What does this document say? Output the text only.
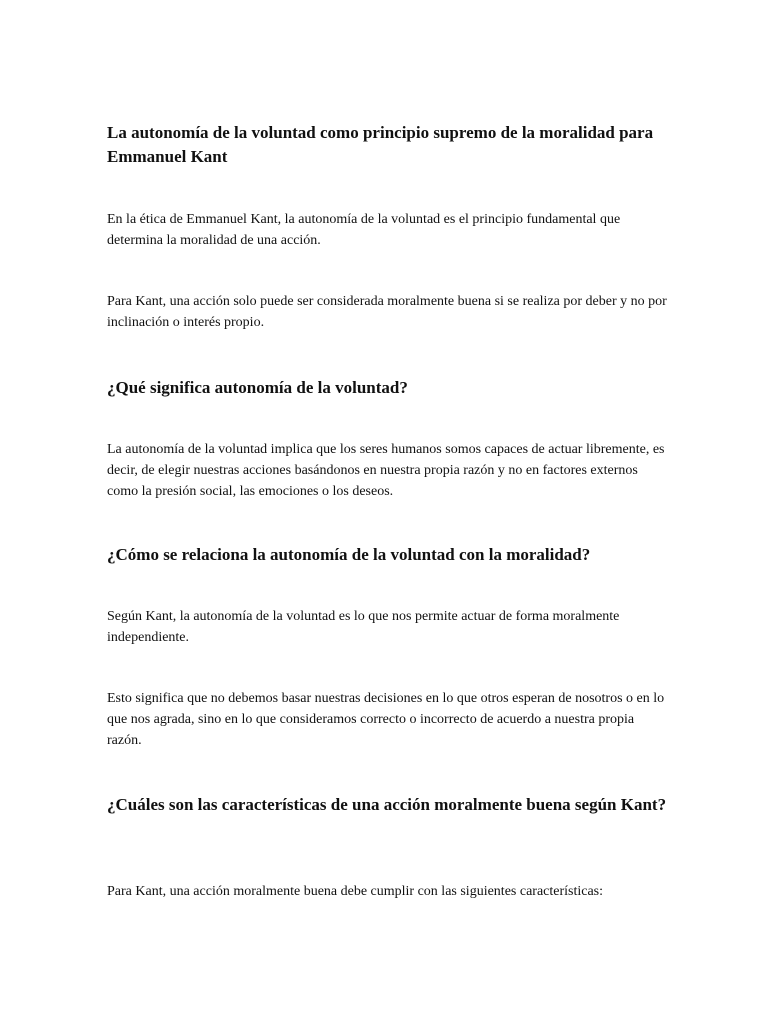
La autonomía de la voluntad como principio supremo de la moralidad para Emmanuel Kant

En la ética de Emmanuel Kant, la autonomía de la voluntad es el principio fundamental que determina la moralidad de una acción.

Para Kant, una acción solo puede ser considerada moralmente buena si se realiza por deber y no por inclinación o interés propio.

¿Qué significa autonomía de la voluntad?

La autonomía de la voluntad implica que los seres humanos somos capaces de actuar libremente, es decir, de elegir nuestras acciones basándonos en nuestra propia razón y no en factores externos como la presión social, las emociones o los deseos.

¿Cómo se relaciona la autonomía de la voluntad con la moralidad?

Según Kant, la autonomía de la voluntad es lo que nos permite actuar de forma moralmente independiente.

Esto significa que no debemos basar nuestras decisiones en lo que otros esperan de nosotros o en lo que nos agrada, sino en lo que consideramos correcto o incorrecto de acuerdo a nuestra propia razón.

¿Cuáles son las características de una acción moralmente buena según Kant?

Para Kant, una acción moralmente buena debe cumplir con las siguientes características:
